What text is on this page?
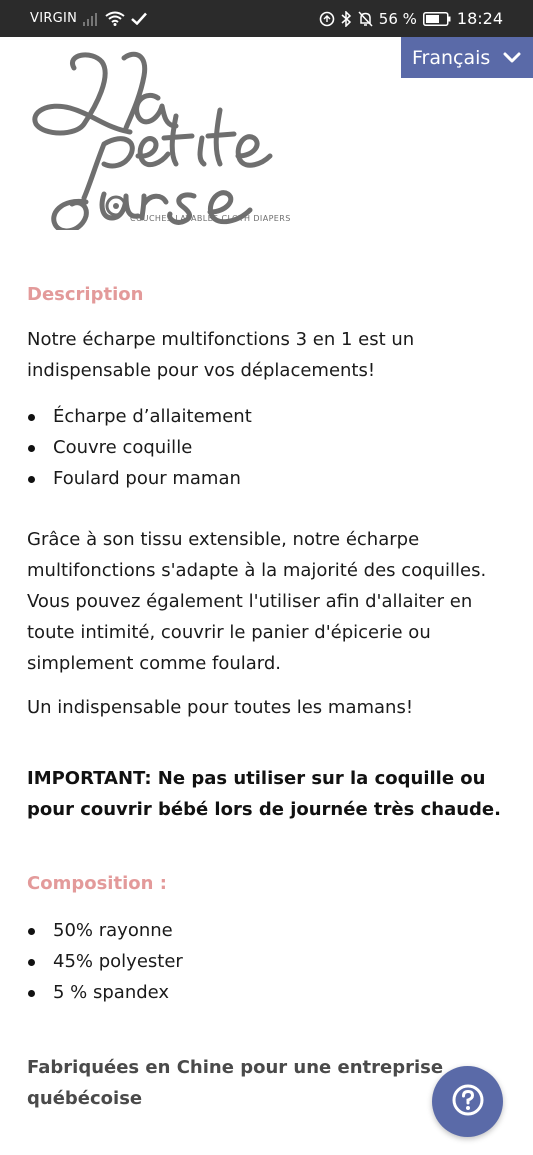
VIRGIN	56 %	18:24
Français
COUCHES LAVABLES CLOTH DIAPERS
Description

Notre écharpe multifonctions 3 en 1 est un indispensable pour vos déplacements!

Écharpe d’allaitement
Couvre coquille
Foulard pour maman

Grâce à son tissu extensible, notre écharpe multifonctions s'adapte à la majorité des coquilles. Vous pouvez également l'utiliser afin d'allaiter en toute intimité, couvrir le panier d'épicerie ou simplement comme foulard.

Un indispensable pour toutes les mamans!

IMPORTANT: Ne pas utiliser sur la coquille ou pour couvrir bébé lors de journée très chaude.

Composition :
50% rayonne
45% polyester
5 % spandex

Fabriquées en Chine pour une entreprise québécoise
